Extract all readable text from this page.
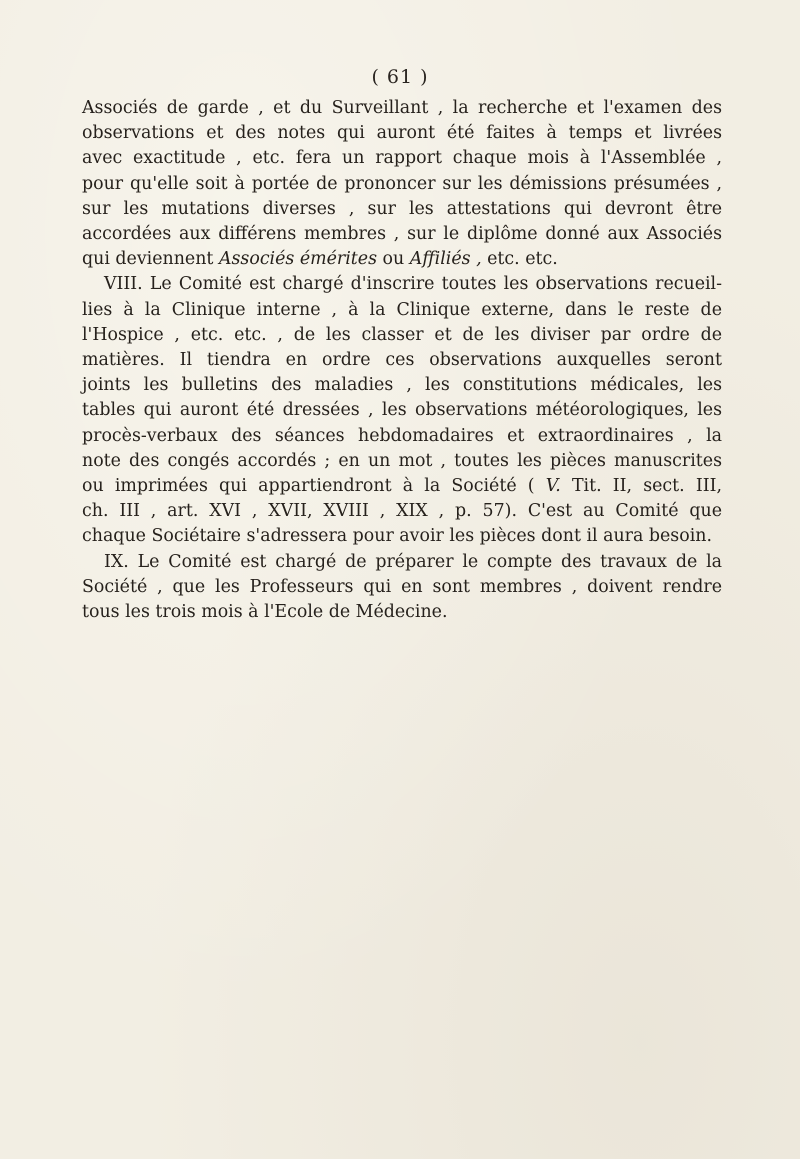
( 61 )
Associés de garde , et du Surveillant , la recherche et l'examen des
observations et des notes qui auront été faites à temps et livrées
avec exactitude , etc. fera un rapport chaque mois à l'Assemblée ,
pour qu'elle soit à portée de prononcer sur les démissions présumées ,
sur les mutations diverses , sur les attestations qui devront être
accordées aux différens membres , sur le diplôme donné aux Associés
qui deviennent Associés émérites ou Affiliés , etc. etc.
VIII. Le Comité est chargé d'inscrire toutes les observations recueil-
lies à la Clinique interne , à la Clinique externe, dans le reste de
l'Hospice , etc. etc. , de les classer et de les diviser par ordre de
matières. Il tiendra en ordre ces observations auxquelles seront
joints les bulletins des maladies , les constitutions médicales, les
tables qui auront été dressées , les observations météorologiques, les
procès-verbaux des séances hebdomadaires et extraordinaires , la
note des congés accordés ; en un mot , toutes les pièces manuscrites
ou imprimées qui appartiendront à la Société ( V. Tit. II, sect. III,
ch. III , art. XVI , XVII, XVIII , XIX , p. 57). C'est au Comité que
chaque Sociétaire s'adressera pour avoir les pièces dont il aura besoin.
IX. Le Comité est chargé de préparer le compte des travaux de la
Société , que les Professeurs qui en sont membres , doivent rendre
tous les trois mois à l'Ecole de Médecine.
